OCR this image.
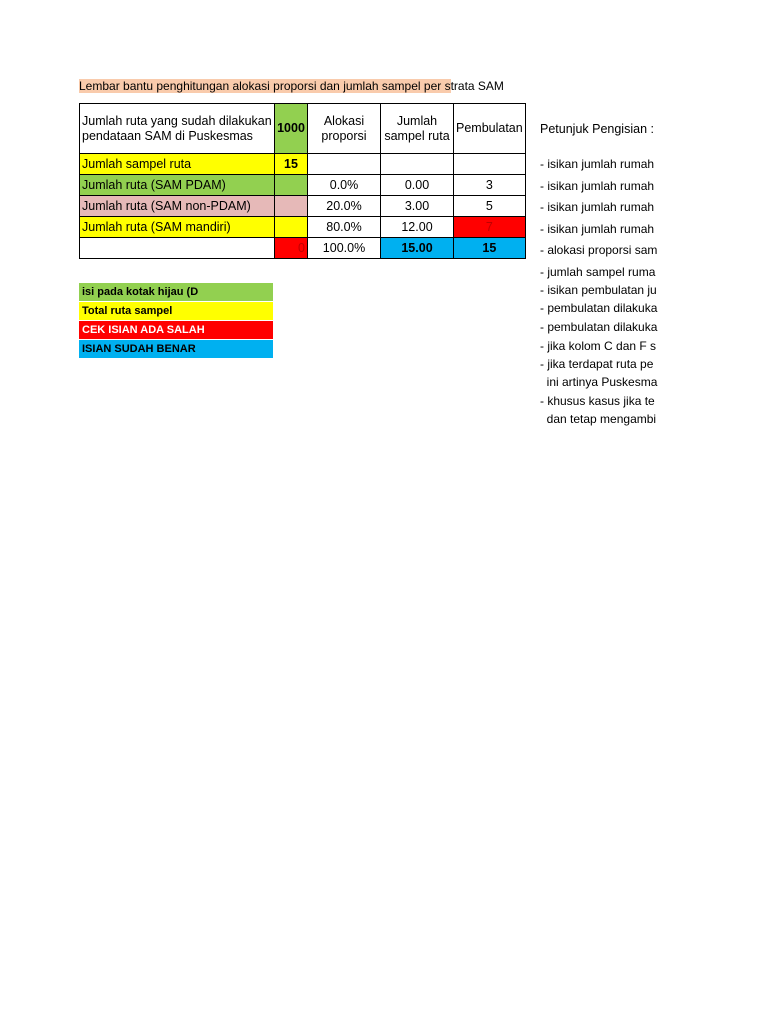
Lembar bantu penghitungan alokasi proporsi dan jumlah sampel per strata SAM
Jumlah ruta yang sudah dilakukan pendataan SAM di Puskesmas	1000	Alokasi proporsi	Jumlah sampel ruta	Pembulatan
Jumlah sampel ruta	15			
Jumlah ruta (SAM PDAM)		0.0%	0.00	3
Jumlah ruta (SAM non-PDAM)		20.0%	3.00	5
Jumlah ruta (SAM mandiri)		80.0%	12.00	7
	0	100.0%	15.00	15
Petunjuk Pengisian :
- isikan jumlah rumah
- isikan jumlah rumah
- isikan jumlah rumah
- isikan jumlah rumah
- alokasi proporsi sam
- jumlah sampel ruma
- isikan pembulatan ju
- pembulatan dilakuka
- pembulatan dilakuka
- jika kolom C dan F s
- jika terdapat ruta pe
ini artinya Puskesma
- khusus kasus jika te
dan tetap mengambi
isi pada kotak hijau (D
Total ruta sampel
CEK ISIAN ADA SALAH
ISIAN SUDAH BENAR
